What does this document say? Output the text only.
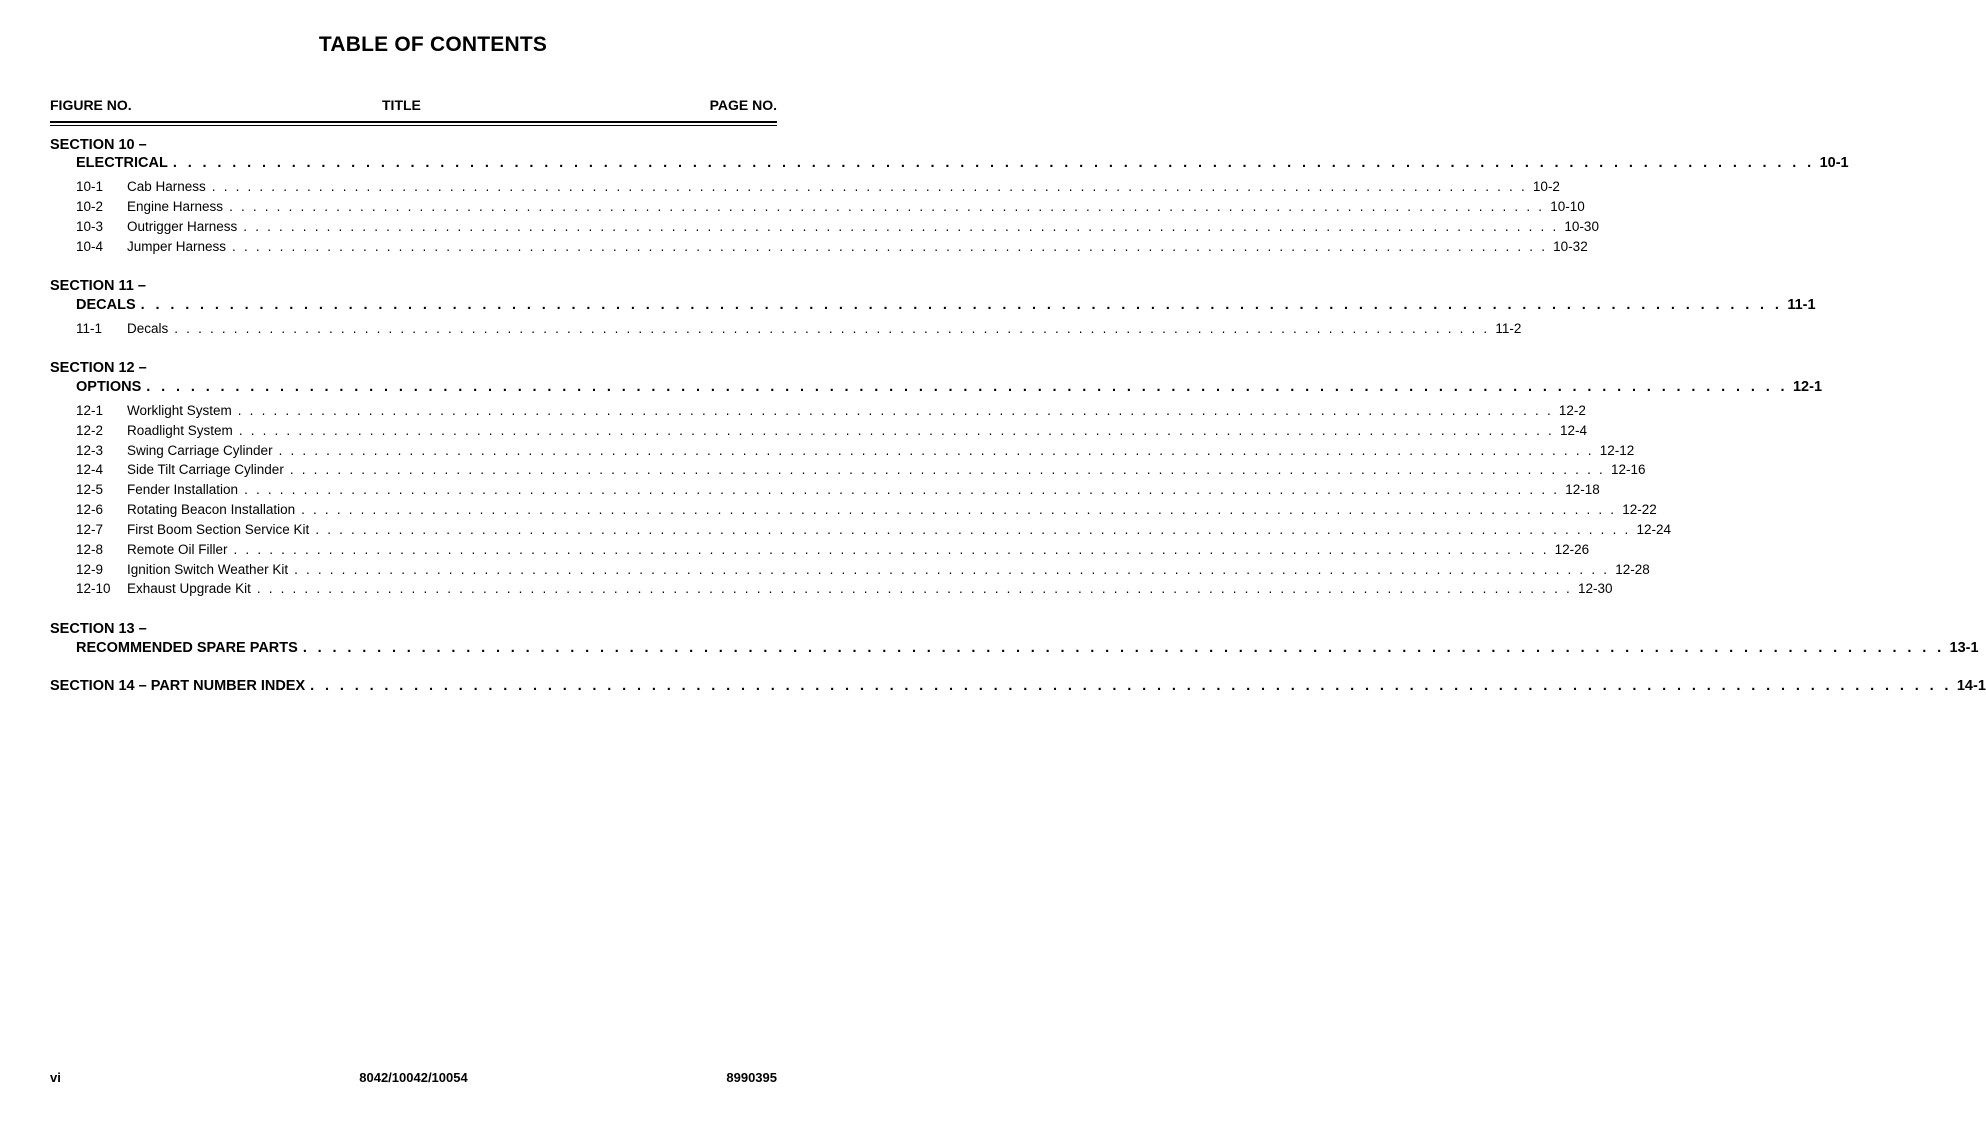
TABLE OF CONTENTS
FIGURE NO.	TITLE	PAGE NO.
SECTION 10 –
ELECTRICAL . . . . . . . . . . . . . . . . . . . . . . . . . . . . . . . . . . . . . . . . . . . . . . . . . . . . . . . . . . . . . . . . . . . . . . . . . . . . . . . . . . . . . . . . . . . . . . . . . . . . . . . . . . . . . . . 10-1
10-1	Cab Harness . . . . . . . . . . . . . . . . . . . . . . . . . . . . . . . . . . . . . . . . . . . . . . . . . . . . . . . . . . . . . . . . . . . . . . . . . . . . . . . . . . . . . . . . . . . . . . . . . . . . . . . . . . . . . . . 10-2
10-2	Engine Harness . . . . . . . . . . . . . . . . . . . . . . . . . . . . . . . . . . . . . . . . . . . . . . . . . . . . . . . . . . . . . . . . . . . . . . . . . . . . . . . . . . . . . . . . . . . . . . . . . . . . . . . . . . . . . . . 10-10
10-3	Outrigger Harness . . . . . . . . . . . . . . . . . . . . . . . . . . . . . . . . . . . . . . . . . . . . . . . . . . . . . . . . . . . . . . . . . . . . . . . . . . . . . . . . . . . . . . . . . . . . . . . . . . . . . . . . . . . . . . . 10-30
10-4	Jumper Harness . . . . . . . . . . . . . . . . . . . . . . . . . . . . . . . . . . . . . . . . . . . . . . . . . . . . . . . . . . . . . . . . . . . . . . . . . . . . . . . . . . . . . . . . . . . . . . . . . . . . . . . . . . . . . . . 10-32
SECTION 11 –
DECALS . . . . . . . . . . . . . . . . . . . . . . . . . . . . . . . . . . . . . . . . . . . . . . . . . . . . . . . . . . . . . . . . . . . . . . . . . . . . . . . . . . . . . . . . . . . . . . . . . . . . . . . . . . . . . . . 11-1
11-1	Decals . . . . . . . . . . . . . . . . . . . . . . . . . . . . . . . . . . . . . . . . . . . . . . . . . . . . . . . . . . . . . . . . . . . . . . . . . . . . . . . . . . . . . . . . . . . . . . . . . . . . . . . . . . . . . . . 11-2
SECTION 12 –
OPTIONS . . . . . . . . . . . . . . . . . . . . . . . . . . . . . . . . . . . . . . . . . . . . . . . . . . . . . . . . . . . . . . . . . . . . . . . . . . . . . . . . . . . . . . . . . . . . . . . . . . . . . . . . . . . . . . . 12-1
12-1	Worklight System . . . . . . . . . . . . . . . . . . . . . . . . . . . . . . . . . . . . . . . . . . . . . . . . . . . . . . . . . . . . . . . . . . . . . . . . . . . . . . . . . . . . . . . . . . . . . . . . . . . . . . . . . . . . . . . 12-2
12-2	Roadlight System . . . . . . . . . . . . . . . . . . . . . . . . . . . . . . . . . . . . . . . . . . . . . . . . . . . . . . . . . . . . . . . . . . . . . . . . . . . . . . . . . . . . . . . . . . . . . . . . . . . . . . . . . . . . . . . 12-4
12-3	Swing Carriage Cylinder . . . . . . . . . . . . . . . . . . . . . . . . . . . . . . . . . . . . . . . . . . . . . . . . . . . . . . . . . . . . . . . . . . . . . . . . . . . . . . . . . . . . . . . . . . . . . . . . . . . . . . . . . . . . . . . 12-12
12-4	Side Tilt Carriage Cylinder . . . . . . . . . . . . . . . . . . . . . . . . . . . . . . . . . . . . . . . . . . . . . . . . . . . . . . . . . . . . . . . . . . . . . . . . . . . . . . . . . . . . . . . . . . . . . . . . . . . . . . . . . . . . . . . 12-16
12-5	Fender Installation . . . . . . . . . . . . . . . . . . . . . . . . . . . . . . . . . . . . . . . . . . . . . . . . . . . . . . . . . . . . . . . . . . . . . . . . . . . . . . . . . . . . . . . . . . . . . . . . . . . . . . . . . . . . . . . 12-18
12-6	Rotating Beacon Installation . . . . . . . . . . . . . . . . . . . . . . . . . . . . . . . . . . . . . . . . . . . . . . . . . . . . . . . . . . . . . . . . . . . . . . . . . . . . . . . . . . . . . . . . . . . . . . . . . . . . . . . . . . . . . . . 12-22
12-7	First Boom Section Service Kit . . . . . . . . . . . . . . . . . . . . . . . . . . . . . . . . . . . . . . . . . . . . . . . . . . . . . . . . . . . . . . . . . . . . . . . . . . . . . . . . . . . . . . . . . . . . . . . . . . . . . . . . . . . . . . . 12-24
12-8	Remote Oil Filler . . . . . . . . . . . . . . . . . . . . . . . . . . . . . . . . . . . . . . . . . . . . . . . . . . . . . . . . . . . . . . . . . . . . . . . . . . . . . . . . . . . . . . . . . . . . . . . . . . . . . . . . . . . . . . . 12-26
12-9	Ignition Switch Weather Kit . . . . . . . . . . . . . . . . . . . . . . . . . . . . . . . . . . . . . . . . . . . . . . . . . . . . . . . . . . . . . . . . . . . . . . . . . . . . . . . . . . . . . . . . . . . . . . . . . . . . . . . . . . . . . . . 12-28
12-10	Exhaust Upgrade Kit . . . . . . . . . . . . . . . . . . . . . . . . . . . . . . . . . . . . . . . . . . . . . . . . . . . . . . . . . . . . . . . . . . . . . . . . . . . . . . . . . . . . . . . . . . . . . . . . . . . . . . . . . . . . . . . 12-30
SECTION 13 –
RECOMMENDED SPARE PARTS . . . . . . . . . . . . . . . . . . . . . . . . . . . . . . . . . . . . . . . . . . . . . . . . . . . . . . . . . . . . . . . . . . . . . . . . . . . . . . . . . . . . . . . . . . . . . . . . . . . . . . . . . . . . . . . 13-1
SECTION 14 – PART NUMBER INDEX . . . . . . . . . . . . . . . . . . . . . . . . . . . . . . . . . . . . . . . . . . . . . . . . . . . . . . . . . . . . . . . . . . . . . . . . . . . . . . . . . . . . . . . . . . . . . . . . . . . . . . . . . . . . . . . 14-1
vi	8042/10042/10054	8990395
